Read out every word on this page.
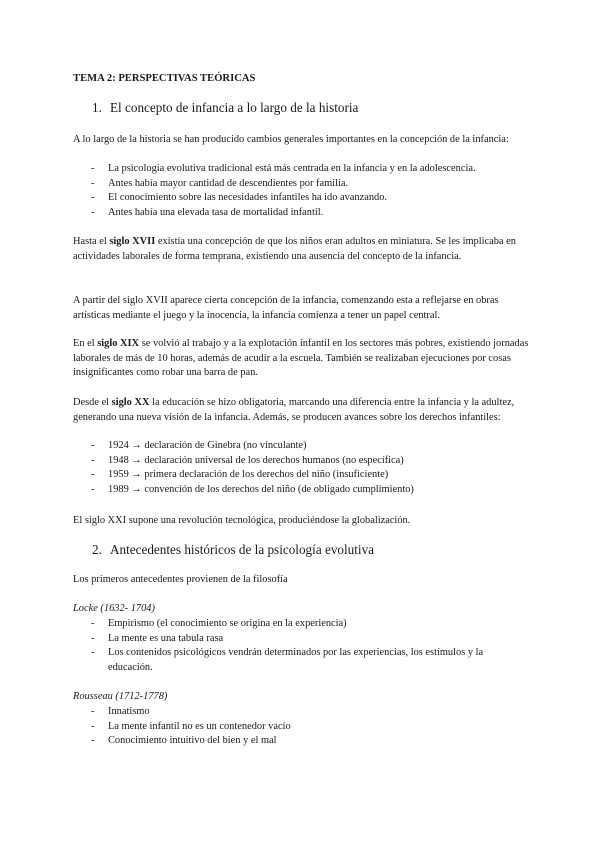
TEMA 2: PERSPECTIVAS TEÓRICAS

1. El concepto de infancia a lo largo de la historia

A lo largo de la historia se han producido cambios generales importantes en la concepción de la infancia:

- La psicología evolutiva tradicional está más centrada en la infancia y en la adolescencia.
- Antes había mayor cantidad de descendientes por familia.
- El conocimiento sobre las necesidades infantiles ha ido avanzando.
- Antes había una elevada tasa de mortalidad infantil.

Hasta el siglo XVII existía una concepción de que los niños eran adultos en miniatura. Se les implicaba en actividades laborales de forma temprana, existiendo una ausencia del concepto de la infancia.

A partir del siglo XVII aparece cierta concepción de la infancia, comenzando esta a reflejarse en obras artísticas mediante el juego y la inocencia, la infancia comienza a tener un papel central.

En el siglo XIX se volvió al trabajo y a la explotación infantil en los sectores más pobres, existiendo jornadas laborales de más de 10 horas, además de acudir a la escuela. También se realizaban ejecuciones por cosas insignificantes como robar una barra de pan.

Desde el siglo XX la educación se hizo obligatoria, marcando una diferencia entre la infancia y la adultez, generando una nueva visión de la infancia. Además, se producen avances sobre los derechos infantiles:

- 1924 → declaración de Ginebra (no vinculante)
- 1948 → declaración universal de los derechos humanos (no específica)
- 1959 → primera declaración de los derechos del niño (insuficiente)
- 1989 → convención de los derechos del niño (de obligado cumplimiento)

El siglo XXI supone una revolución tecnológica, produciéndose la globalización.

2. Antecedentes históricos de la psicología evolutiva

Los primeros antecedentes provienen de la filosofía

Locke (1632- 1704)

- Empirismo (el conocimiento se origina en la experiencia)
- La mente es una tabula rasa
- Los contenidos psicológicos vendrán determinados por las experiencias, los estímulos y la educación.

Rousseau (1712-1778)

- Innatismo
- La mente infantil no es un contenedor vacío
- Conocimiento intuitivo del bien y el mal
